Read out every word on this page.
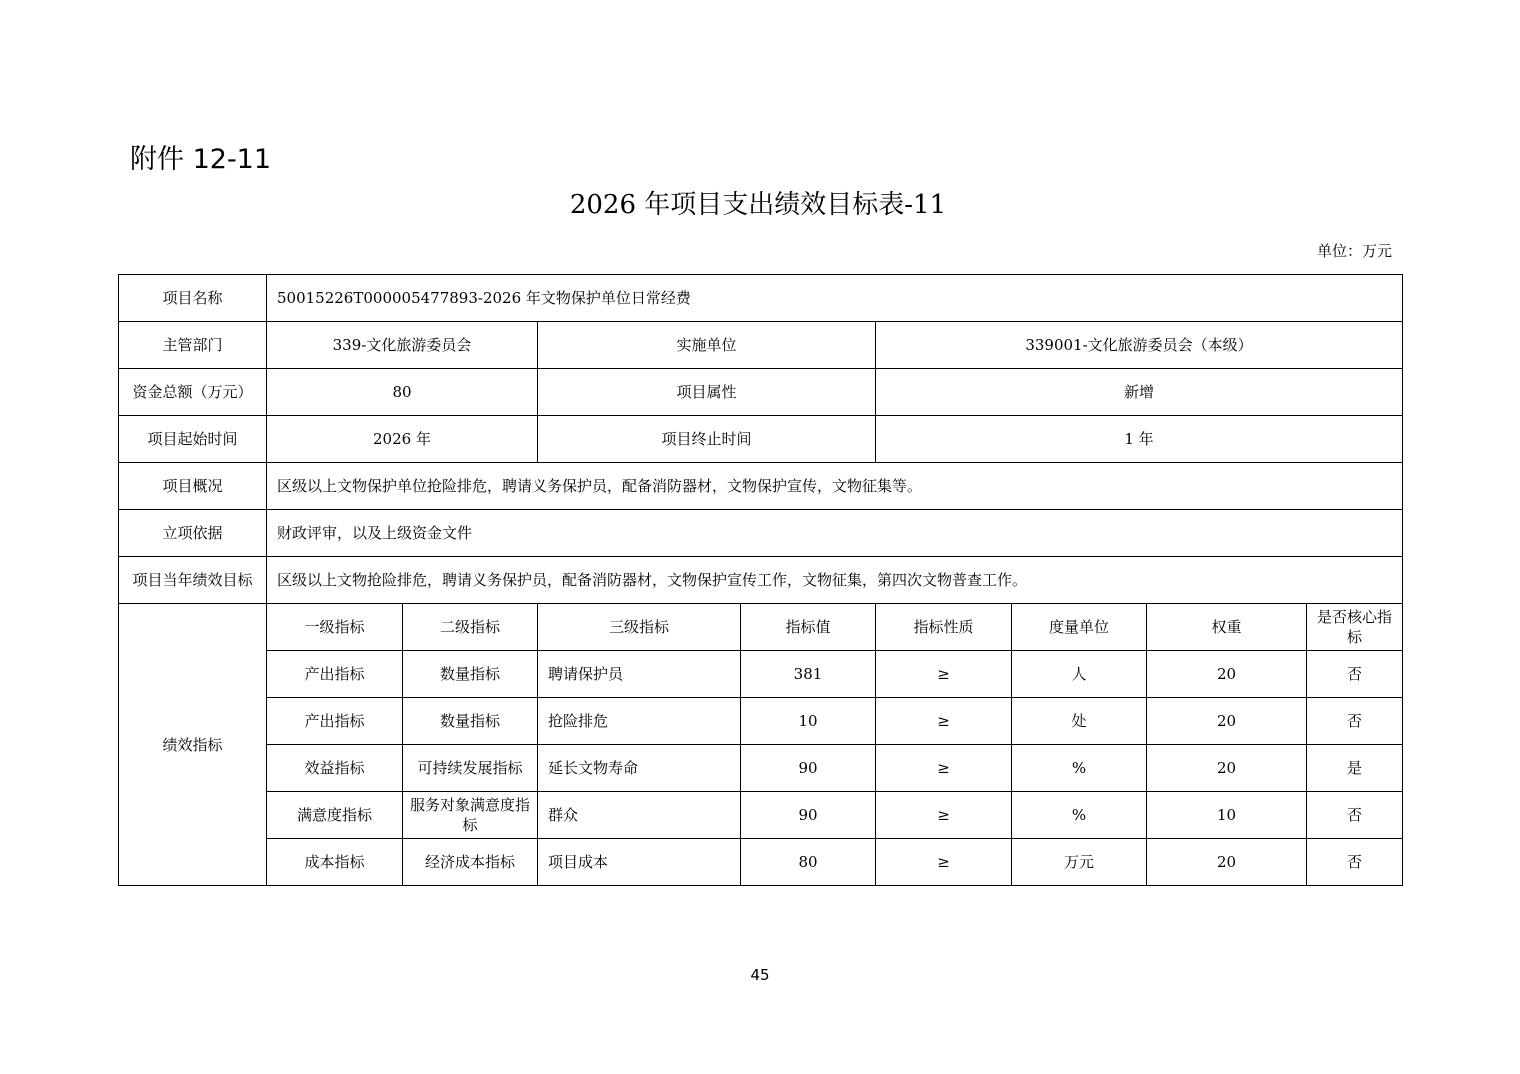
附件 12-11
2026 年项目支出绩效目标表-11
单位：万元
项目名称	50015226T000005477893-2026 年文物保护单位日常经费							
主管部门	339-文化旅游委员会		实施单位		339001-文化旅游委员会（本级）			
资金总额（万元）	80		项目属性		新增			
项目起始时间	2026 年		项目终止时间		1 年			
项目概况	区级以上文物保护单位抢险排危，聘请义务保护员，配备消防器材，文物保护宣传，文物征集等。							
立项依据	财政评审，以及上级资金文件							
项目当年绩效目标	区级以上文物抢险排危，聘请义务保护员，配备消防器材，文物保护宣传工作，文物征集，第四次文物普查工作。							
绩效指标	一级指标	二级指标	三级指标	指标值	指标性质	度量单位	权重	是否核心指标
	产出指标	数量指标	聘请保护员	381	≥	人	20	否
	产出指标	数量指标	抢险排危	10	≥	处	20	否
	效益指标	可持续发展指标	延长文物寿命	90	≥	%	20	是
	满意度指标	服务对象满意度指标	群众	90	≥	%	10	否
	成本指标	经济成本指标	项目成本	80	≥	万元	20	否
45
